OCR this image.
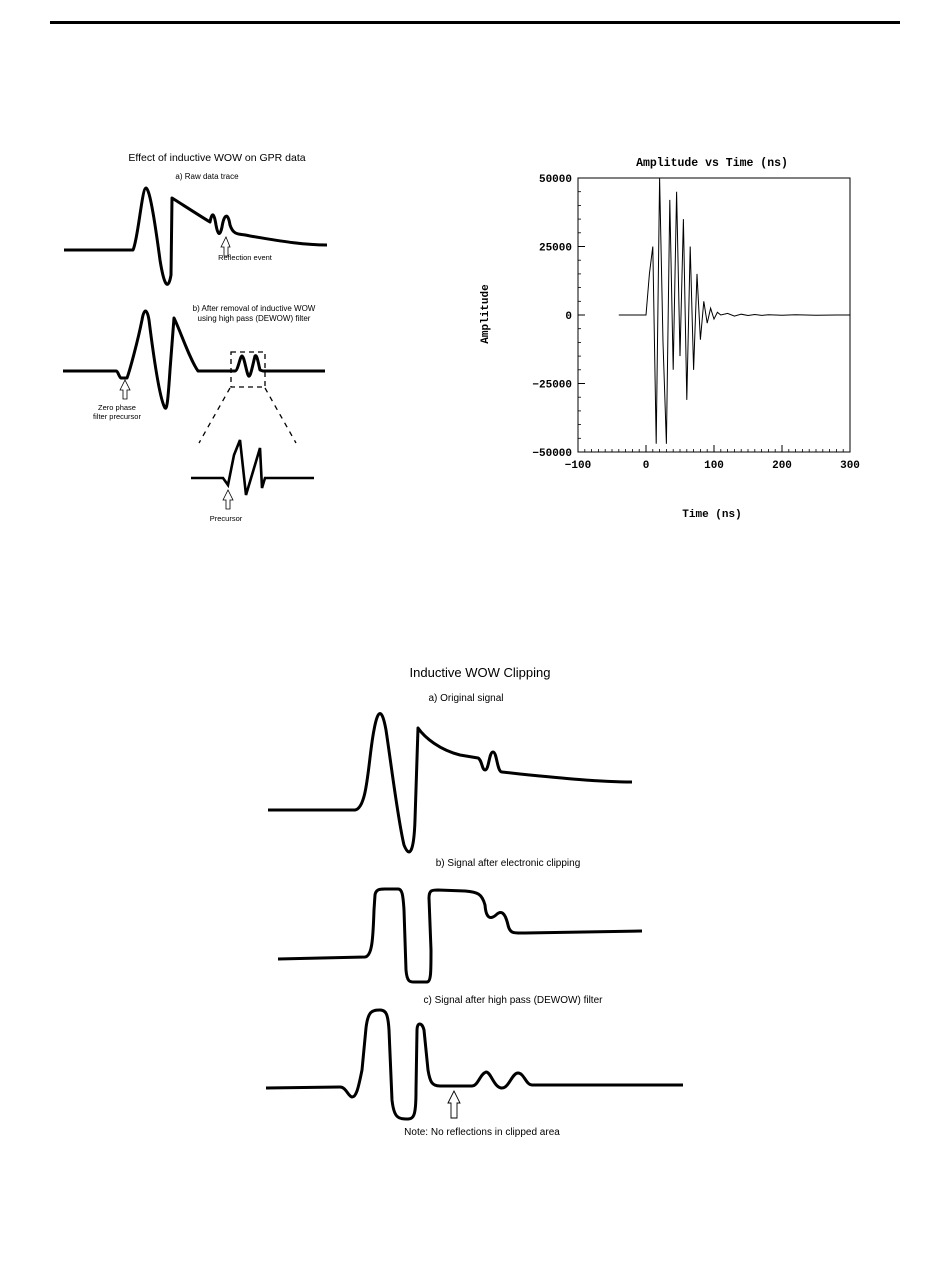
Effect of inductive WOW on GPR data
a) Raw data trace
Reflection event
b) After removal of inductive WOW
using high pass (DEWOW) filter
Zero phase
filter precursor
Precursor
Amplitude vs Time (ns)
Amplitude
Time (ns)
−100	0	100	200	300
50000
25000
0
−25000
−50000
Inductive WOW Clipping
a) Original signal
b) Signal after electronic clipping
c) Signal after high pass (DEWOW) filter
Note: No reflections in clipped area
